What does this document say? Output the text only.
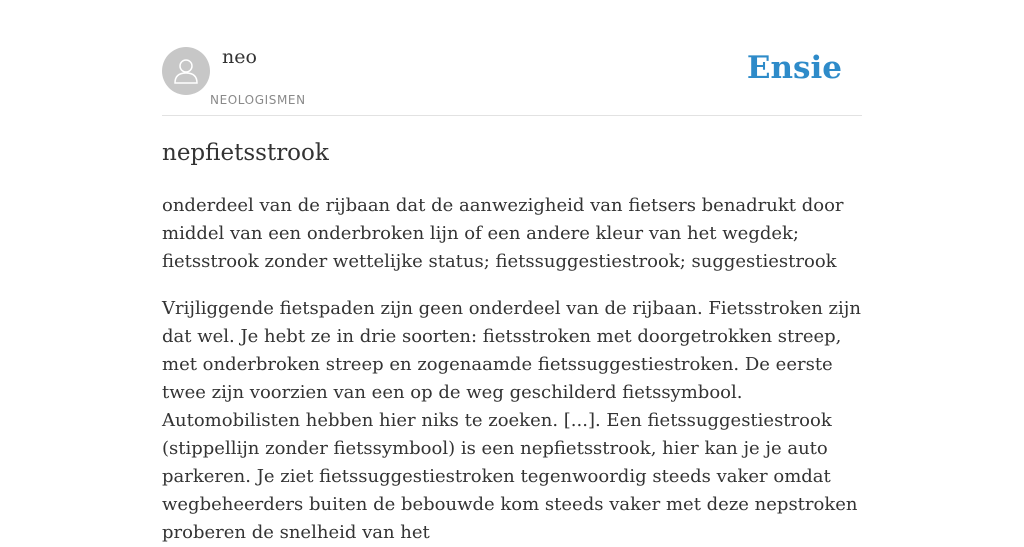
neo
NEOLOGISMEN
Ensie
nepfietsstrook

onderdeel van de rijbaan dat de aanwezigheid van fietsers benadrukt door middel van een onderbroken lijn of een andere kleur van het wegdek; fietsstrook zonder wettelijke status; fietssuggestiestrook; suggestiestrook

Vrijliggende fietspaden zijn geen onderdeel van de rijbaan. Fietsstroken zijn dat wel. Je hebt ze in drie soorten: fietsstroken met doorgetrokken streep, met onderbroken streep en zogenaamde fietssuggestiestroken. De eerste twee zijn voorzien van een op de weg geschilderd fietssymbool. Automobilisten hebben hier niks te zoeken. [...]. Een fietssuggestiestrook (stippellijn zonder fietssymbool) is een nepfietsstrook, hier kan je je auto parkeren. Je ziet fietssuggestiestroken tegenwoordig steeds vaker omdat wegbeheerders buiten de bebouwde kom steeds vaker met deze nepstroken proberen de snelheid van het
